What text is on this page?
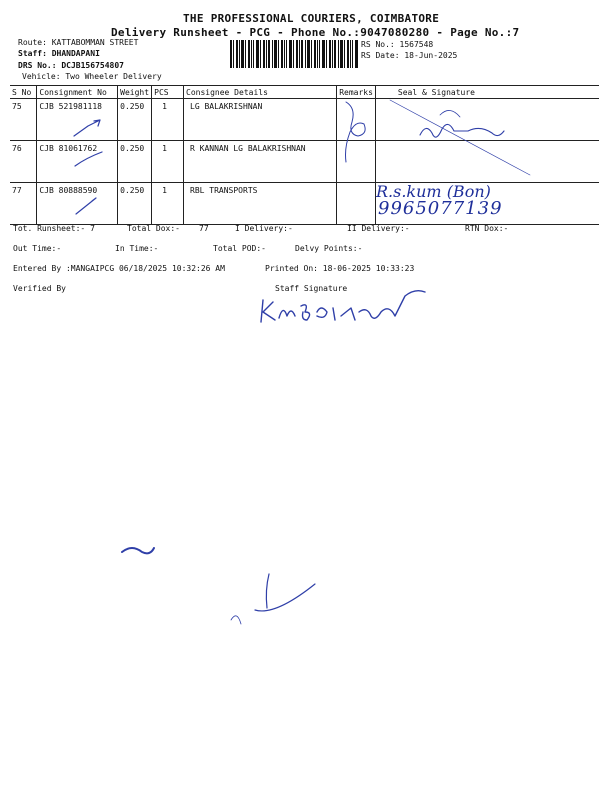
THE PROFESSIONAL COURIERS, COIMBATORE
Delivery Runsheet - PCG - Phone No.:9047080280 - Page No.:7
Route: KATTABOMMAN STREET
Staff: DHANDAPANI
DRS No.: DCJB156754807
Vehicle: Two Wheeler Delivery
RS No.: 1567548
RS Date: 18-Jun-2025
S No	Consignment No	Weight	PCS	Consignee Details	Remarks	Seal & Signature
75	CJB 521981118	0.250	1	LG BALAKRISHNAN		
76	CJB 81061762	0.250	1	R KANNAN LG BALAKRISHNAN		
77	CJB 80888590	0.250	1	RBL TRANSPORTS			R.s.kum (Bon)
9965077139
Tot. Runsheet:- 7	Total Dox:- 77	I Delivery:-	II Delivery:-	RTN Dox:-
Out Time:-	In Time:-	Total POD:-	Delvy Points:-
Entered By :MANGAIPCG 06/18/2025 10:32:26 AM	Printed On: 18-06-2025 10:33:23
Verified By	Staff Signature
